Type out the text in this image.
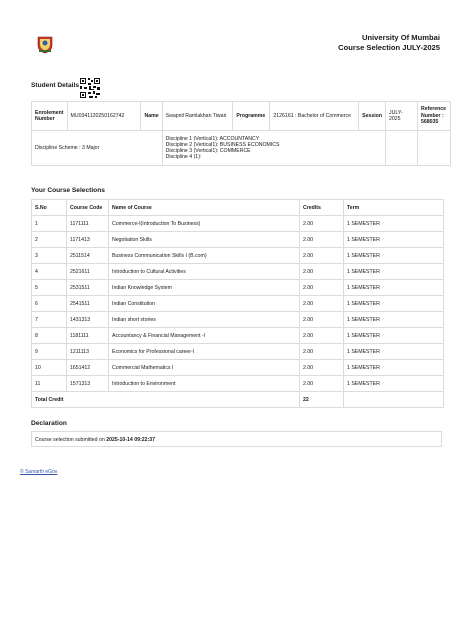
University Of Mumbai
Course Selection JULY-2025
Student Details
Enrolement Number	MU0341120250162742	Name	Swapnil Ramlakhan Tiwari	Programme	2126161 : Bachelor of Commerce	Session	JULY-2025	Reference Number :
568035

Discipline Scheme : 3 Major			Discipline 1 (Vertical1): ACCOUNTANCY
Discipline 2 (Vertical1): BUSINESS ECONOMICS
Discipline 3 (Vertical1): COMMERCE
Discipline 4 (1):					

Your Course Selections
S.No	Course Code	Name of Course	Credits	Term
1	1171111	Commerce-I(Introduction To Business)	2.00	1 SEMESTER
2	1171413	Negotiation Skills	2.00	1 SEMESTER
3	2511514	Business Communication Skills I (B.com)	2.00	1 SEMESTER
4	2521611	Introduction to Cultural Activities	2.00	1 SEMESTER
5	2531511	Indian Knowledge System	2.00	1 SEMESTER
6	2541511	Indian Constitution	2.00	1 SEMESTER
7	1431313	Indian short stories	2.00	1 SEMESTER
8	1181111	Accountancy & Financial Management -I	2.00	1 SEMESTER
9	1211113	Economics for Professional career-I	2.00	1 SEMESTER
10	1651412	Commercial Mathematics I	2.00	1 SEMESTER
11	1571313	Introduction to Environment	2.00	1 SEMESTER
Total Credit			22	
Declaration
Course selection submitted on 2025-10-14 09:22:37
© Samarth eGov
